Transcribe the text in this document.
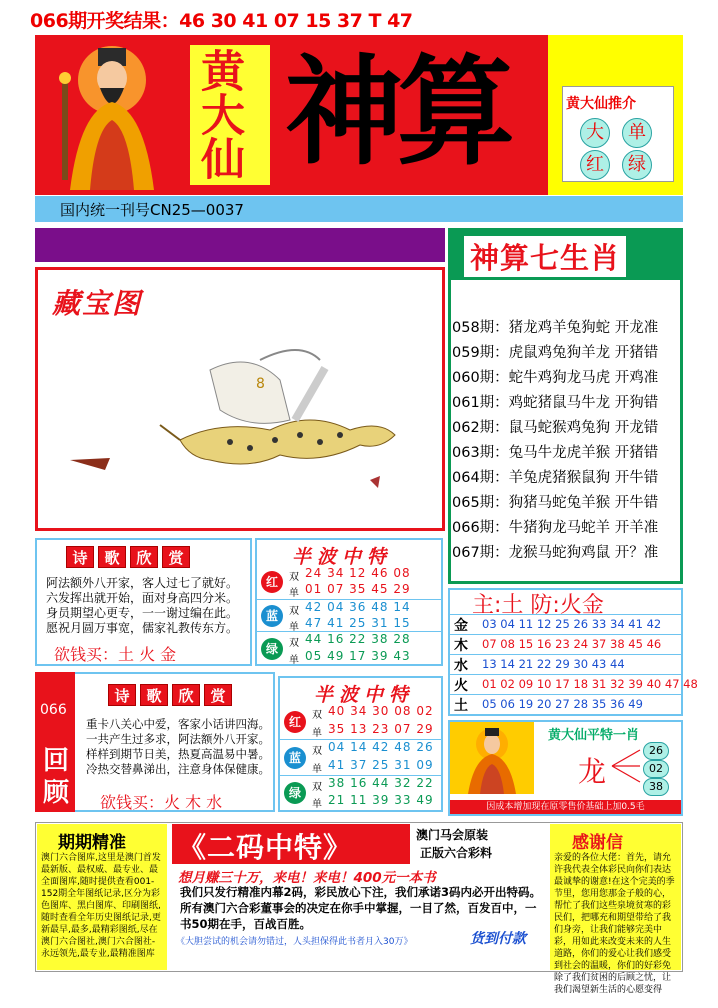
066期开奖结果：46 30 41 07 15 37 T 47
黄大仙 神算	黄大仙推介
大	单
红	绿
国内统一刊号CN25—0037
藏宝图
8
神算七生肖
058期：猪龙鸡羊兔狗蛇 开龙准
059期：虎鼠鸡兔狗羊龙 开猪错
060期：蛇牛鸡狗龙马虎 开鸡准
061期：鸡蛇猪鼠马牛龙 开狗错
062期：鼠马蛇猴鸡兔狗 开龙错
063期：兔马牛龙虎羊猴 开猪错
064期：羊兔虎猪猴鼠狗 开牛错
065期：狗猪马蛇兔羊猴 开牛错
066期：牛猪狗龙马蛇羊 开羊准
067期：龙猴马蛇狗鸡鼠 开？准
诗 歌 欣 赏
阿法额外八开家，客人过七了就好。
六发挥出就开始，面对身高四分米。
身员期望心更专，一一谢过编在此。
愿祝月圆万事宽，儒家礼教传东方。
欲钱买：土 火 金
半波中特
红	双 24 34 12 46 08
单 01 07 35 45 29
蓝	双 42 04 36 48 14
单 47 41 25 31 15
绿	双 44 16 22 38 28
单 05 49 17 39 43
主:土 防:火金
金 03 04 11 12 25 26 33 34 41 42
木 07 08 15 16 23 24 37 38 45 46
水 13 14 21 22 29 30 43 44
火 01 02 09 10 17 18 31 32 39 40 47 48
土 05 06 19 20 27 28 35 36 49
066
回
顾
诗 歌 欣 赏
重卡八关心中爱，客家小话讲四海。
一共产生过多求，阿法额外八开家。
样样到期节日美，热夏高温易中暑。
冷热交替鼻涕出，注意身体保健康。
欲钱买：火 木 水
半波中特
红	双 40 34 30 08 02
单 35 13 23 07 29
蓝	双 04 14 42 48 26
单 41 37 25 31 09
绿	双 38 16 44 32 22
单 21 11 39 33 49
黄大仙平特一肖
龙
26
02
38
因成本增加现在原零售价基础上加0.5毛
期期精准
澳门六合图库,这里是澳门首发最新版、最权威、最专业、最全面图库,随时提供查看001-152期全年图纸记录,区分为彩色图库、黑白图库、印刷图纸,随时查看全年历史图纸记录,更新最早,最多,最精彩图纸,尽在澳门六合图社,澳门六合图社-永远领先,最专业,最精准图库
《二码中特》	澳门马会原装
正版六合彩料
想月赚三十万，来电！来电！400元一本书
我们只发行精准内幕2码，彩民放心下注，我们承诺3码内必开出特码。所有澳门六合彩董事会的决定在你手中掌握，一目了然，百发百中，一书50期在手，百战百胜。
《大胆尝试的机会请勿错过，人头担保得此书者月入30万》	货到付款
感谢信
亲爱的各位大佬：首先，请允许我代表全体彩民向你们表达最诚挚的谢意!在这个完美的季节里，您用您那金子般的心，帮忙了我们这些泉境贫寒的彩民们，把哪充和期望带给了我们身旁，让我们能够完美中彩，用如此来改变未来的人生道路，你们的爱心让我们感受到社会的温暖，你们的好彩免除了我们贫困的后顾之忧，让我们渴望新生活的心愿变得
